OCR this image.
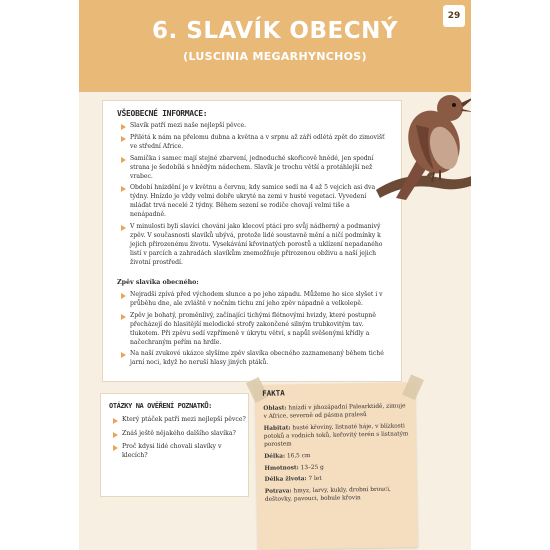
29
6. SLAVÍK OBECNÝ
(LUSCINIA MEGARHYNCHOS)
VŠEOBECNÉ INFORMACE:
Slavík patří mezi naše nejlepší pěvce.
Přilétá k nám na přelomu dubna a května a v srpnu až září odlétá zpět do zimovišť ve střední Africe.
Samička i samec mají stejné zbarvení, jednoduché skořicově hnědé, jen spodní strana je šedobílá s hnědým nádechem. Slavík je trochu větší a protáhlejší než vrabec.
Období hnízdění je v květnu a červnu, kdy samice sedí na 4 až 5 vejcích asi dva týdny. Hnízdo je vždy velmi dobře ukryté na zemi v husté vegetaci. Vyvedení mláďat trvá necelé 2 týdny. Během sezení se rodiče chovají velmi tiše a nenápadně.
V minulosti byli slavíci chováni jako klecoví ptáci pro svůj nádherný a podmanivý zpěv. V současnosti slavíků ubývá, protože lidé soustavně mění a ničí podmínky k jejich přirozenému životu. Vysekávání křovinatých porostů a uklízení nepadaného listí v parcích a zahradách slavíkům znemožňuje přirozenou obživu a naší jejich životní prostředí.
Zpěv slavíka obecného:
Nejradši zpívá před východem slunce a po jeho západu. Můžeme ho sice slyšet i v průběhu dne, ale zvláště v nočním tichu zní jeho zpěv nápadně a velkolepě.
Zpěv je bohatý, proměnlivý, začínající tichými flétnovými hvizdy, které postupně přecházejí do hlasitější melodické strofy zakončené silným trubkovitým tav. tlukotem. Při zpěvu sedí vzpřímeně v úkrytu větví, s napůl svěšenými křídly a načechraným peřím na hrdle.
Na naší zvukové ukázce slyšíme zpěv slavíka obecného zaznamenaný během tiché jarní noci, když ho neruší hlasy jiných ptáků.
OTÁZKY NA OVĚŘENÍ POZNATKŮ:
Který ptáček patří mezi nejlepší pěvce?
Znáš ještě nějakého dalšího slavíka?
Proč kdysi lidé chovali slavíky v klecích?
FAKTA

Oblast: hnízdí v jihozápadní Palearktidě, zimuje v Africe, severně od pásma pralesů

Habitat: husté křoviny, listnaté háje, v blízkosti potoků a vodních toků, keřovitý terén s listnatým porostem

Délka: 16,5 cm

Hmotnost: 13–25 g

Délka života: 7 let

Potrava: hmyz, larvy, kukly, drobní brouci, deštovky, pavouci, bobule křovin
